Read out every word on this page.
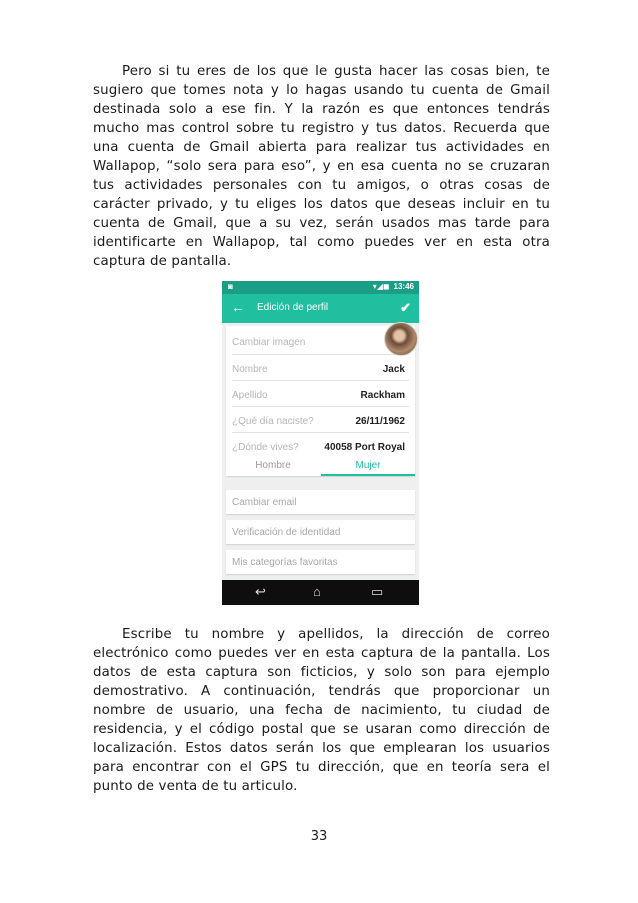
Pero si tu eres de los que le gusta hacer las cosas bien, te sugiero que tomes nota y lo hagas usando tu cuenta de Gmail destinada solo a ese fin. Y la razón es que entonces tendrás mucho mas control sobre tu registro y tus datos. Recuerda que una cuenta de Gmail abierta para realizar tus actividades en Wallapop, “solo sera para eso”, y en esa cuenta no se cruzaran tus actividades personales con tu amigos, o otras cosas de carácter privado, y tu eliges los datos que deseas incluir en tu cuenta de Gmail, que a su vez, serán usados mas tarde para identificarte en Wallapop, tal como puedes ver en esta otra captura de pantalla.

◙	▾◢◼ 13:46
← Edición de perfil	✔
Cambiar imagen
Nombre	Jack
Apellido	Rackham
¿Qué día naciste?	26/11/1962
¿Dónde vives?	40058 Port Royal
Hombre	Mujer
Cambiar email
Verificación de identidad
Mis categorías favoritas
↩	⌂	▭

Escribe tu nombre y apellidos, la dirección de correo electrónico como puedes ver en esta captura de la pantalla. Los datos de esta captura son ficticios, y solo son para ejemplo demostrativo. A continuación, tendrás que proporcionar un nombre de usuario, una fecha de nacimiento, tu ciudad de residencia, y el código postal que se usaran como dirección de localización. Estos datos serán los que emplearan los usuarios para encontrar con el GPS tu dirección, que en teoría sera el punto de venta de tu articulo.

33
